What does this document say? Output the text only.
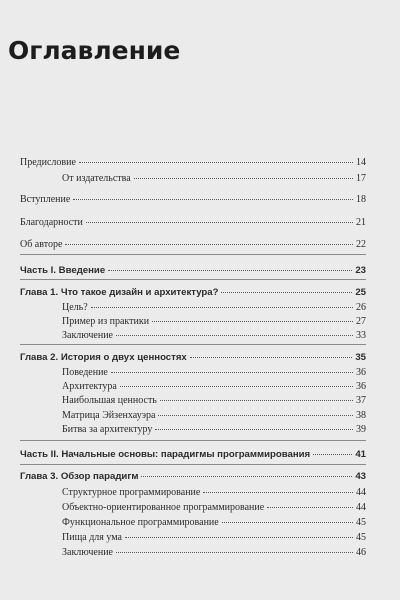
Оглавление
Предисловие	14
От издательства	17
Вступление	18
Благодарности	21
Об авторе	22
Часть I. Введение	23
Глава 1. Что такое дизайн и архитектура?	25
Цель?	26
Пример из практики	27
Заключение	33
Глава 2. История о двух ценностях	35
Поведение	36
Архитектура	36
Наибольшая ценность	37
Матрица Эйзенхауэра	38
Битва за архитектуру	39
Часть II. Начальные основы: парадигмы программирования	41
Глава 3. Обзор парадигм	43
Структурное программирование	44
Объектно-ориентированное программирование	44
Функциональное программирование	45
Пища для ума	45
Заключение	46
